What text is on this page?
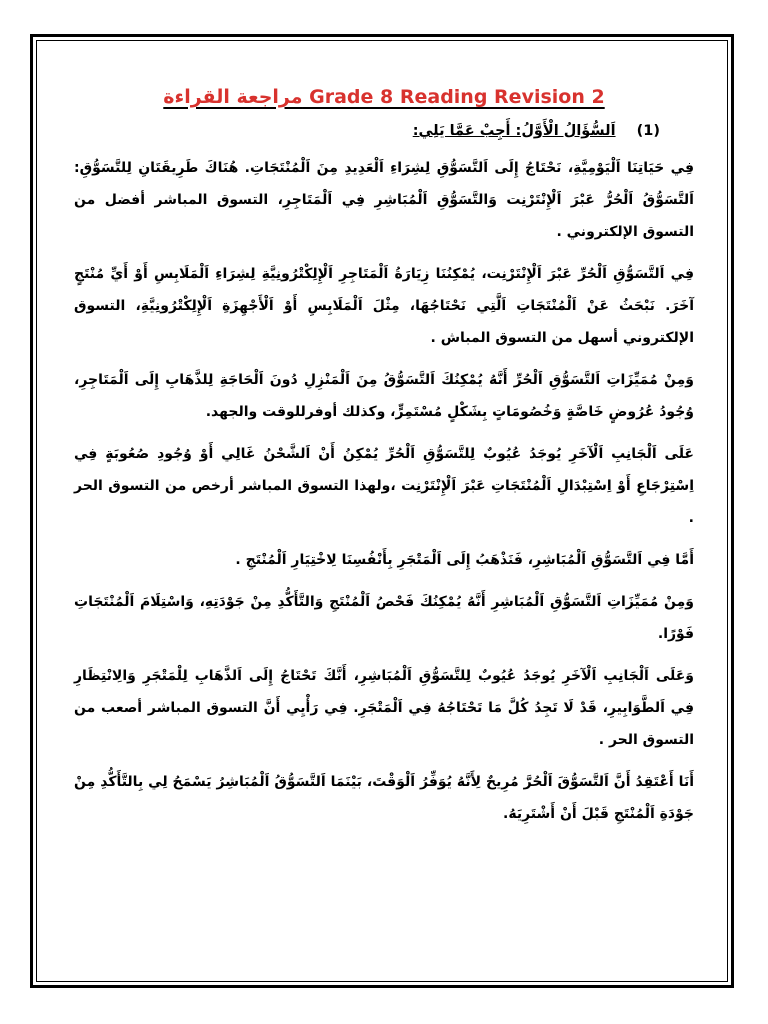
مراجعة القراءة Grade 8 Reading Revision 2
(1) اَلسُّؤَالُ الْأَوَّلُ: أَجِبْ عَمَّا يَلِي:

فِي حَيَاتِنَا اَلْيَوْمِيَّةِ، نَحْتَاجُ إِلَى اَلتَّسَوُّقِ لِشِرَاءِ اَلْعَدِيدِ مِنَ اَلْمُنْتَجَاتِ. هُنَاكَ طَرِيقَتَانِ لِلتَّسَوُّقِ: اَلتَّسَوُّقُ اَلْحُرُّ عَبْرَ اَلْإِنْتَرْنِت وَالتَّسَوُّقِ اَلْمُبَاشِرِ فِي اَلْمَتَاجِرِ، التسوق المباشر أفضل من التسوق الإلكتروني .

فِي اَلتَّسَوُّقِ اَلْحُرِّ عَبْرَ اَلْإِنْتَرْنِت، يُمْكِنُنَا زِيَارَةُ اَلْمَتَاجِرِ اَلْإِلِكْتْرُونِيَّةِ لِشِرَاءِ اَلْمَلَابِسِ أَوْ أَيِّ مُنْتَجٍ آخَرَ. نَبْحَثُ عَنْ اَلْمُنْتَجَاتِ اَلَّتِي نَحْتَاجُهَا، مِثْلَ اَلْمَلَابِسِ أَوْ اَلْأَجْهِزَةِ اَلْإِلِكْتْرُونِيَّةِ، التسوق الإلكتروني أسهل من التسوق المباش .

وَمِنْ مُمَيِّزَاتِ اَلتَّسَوُّقِ اَلْحُرِّ أَنَّهُ يُمْكِنُكَ اَلتَّسَوُّقُ مِنَ اَلْمَنْزِلِ دُونَ اَلْحَاجَةِ لِلذَّهَابِ إِلَى اَلْمَتَاجِرِ، وُجُودُ عُرُوضٍ خَاصَّةٍ وَخُصُومَاتٍ بِشَكْلٍ مُسْتَمِرٍّ، وكذلك أوفرللوقت والجهد.

عَلَى اَلْجَانِبِ اَلْآخَرِ يُوجَدُ عُيُوبٌ لِلتَّسَوُّقِ اَلْحُرِّ يُمْكِنُ أَنْ اَلشَّحْنُ غَالِي أَوْ وُجُودِ صُعُوبَةٍ فِي اِسْتِرْجَاعِ أَوْ اِسْتِبْدَالِ اَلْمُنْتَجَاتِ عَبْرَ اَلْإِنْتَرْنِت ،ولهذا التسوق المباشر أرخص من التسوق الحر .

أَمَّا فِي اَلتَّسَوُّقِ اَلْمُبَاشِرِ، فَنَذْهَبُ إِلَى اَلْمَتْجَرِ بِأَنْفُسِنَا لِاخْتِيَارِ اَلْمُنْتَجِ .

وَمِنْ مُمَيِّزَاتِ اَلتَّسَوُّقِ اَلْمُبَاشِرِ أَنَّهُ يُمْكِنُكَ فَحْصُ اَلْمُنْتَجِ وَالتَّأَكُّدِ مِنْ جَوْدَتِهِ، وَاسْتِلَامَ اَلْمُنْتَجَاتِ فَوْرًا.

وَعَلَى اَلْجَانِبِ اَلْآخَرِ يُوجَدُ عُيُوبٌ لِلتَّسَوُّقِ اَلْمُبَاشِرِ، أَنَّكَ تَحْتَاجُ إِلَى اَلذَّهَابِ لِلْمَتْجَرِ وَالِانْتِظَارِ فِي اَلطَّوَابِيرِ، قَدْ لَا تَجِدُ كُلَّ مَا تَحْتَاجُهُ فِي اَلْمَتْجَرِ. فِي رَأْيِي أَنَّ التسوق المباشر أصعب من التسوق الحر .

أَنَا أَعْتَقِدُ أَنَّ اَلتَّسَوُّقَ اَلْحُرَّ مُرِيحٌ لِأَنَّهُ يُوَفِّرُ اَلْوَقْتَ، بَيْنَمَا اَلتَّسَوُّقُ اَلْمُبَاشِرُ يَسْمَحُ لِي بِالتَّأَكُّدِ مِنْ جَوْدَةِ اَلْمُنْتَجِ قَبْلَ أَنْ أَشْتَرِيَهُ.
